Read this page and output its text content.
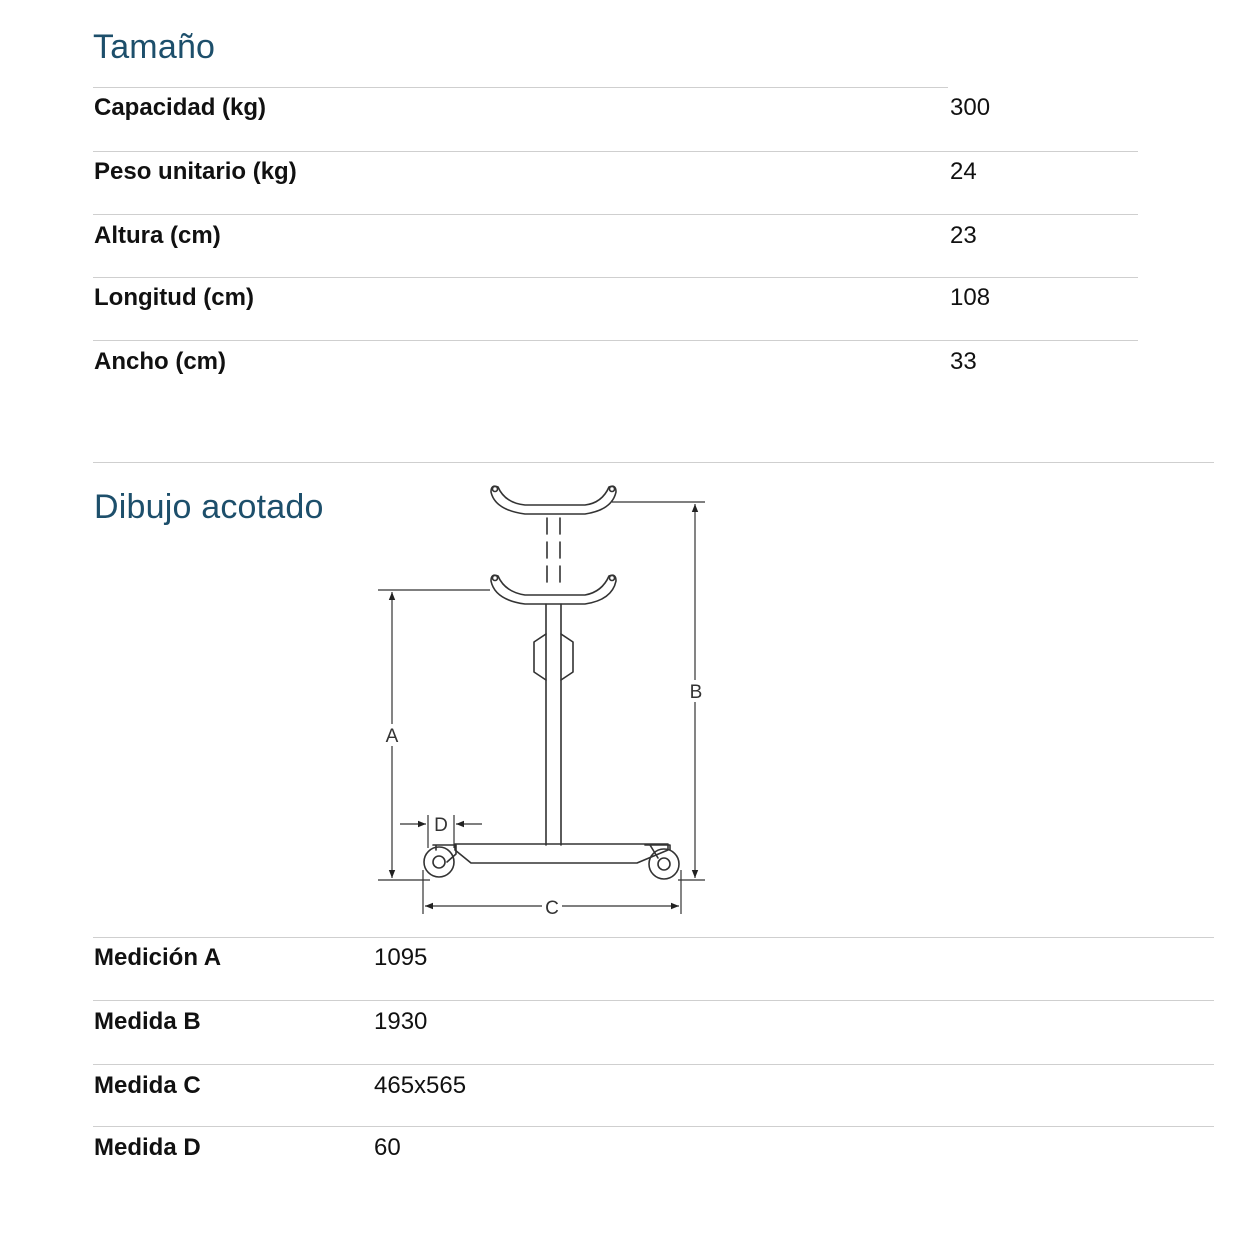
Tamaño
Capacidad (kg)	300
Peso unitario (kg)	24
Altura (cm)	23
Longitud (cm)	108
Ancho (cm)	33
Dibujo acotado
A
B
C
D
Medición A	1095
Medida B	1930
Medida C	465x565
Medida D	60
